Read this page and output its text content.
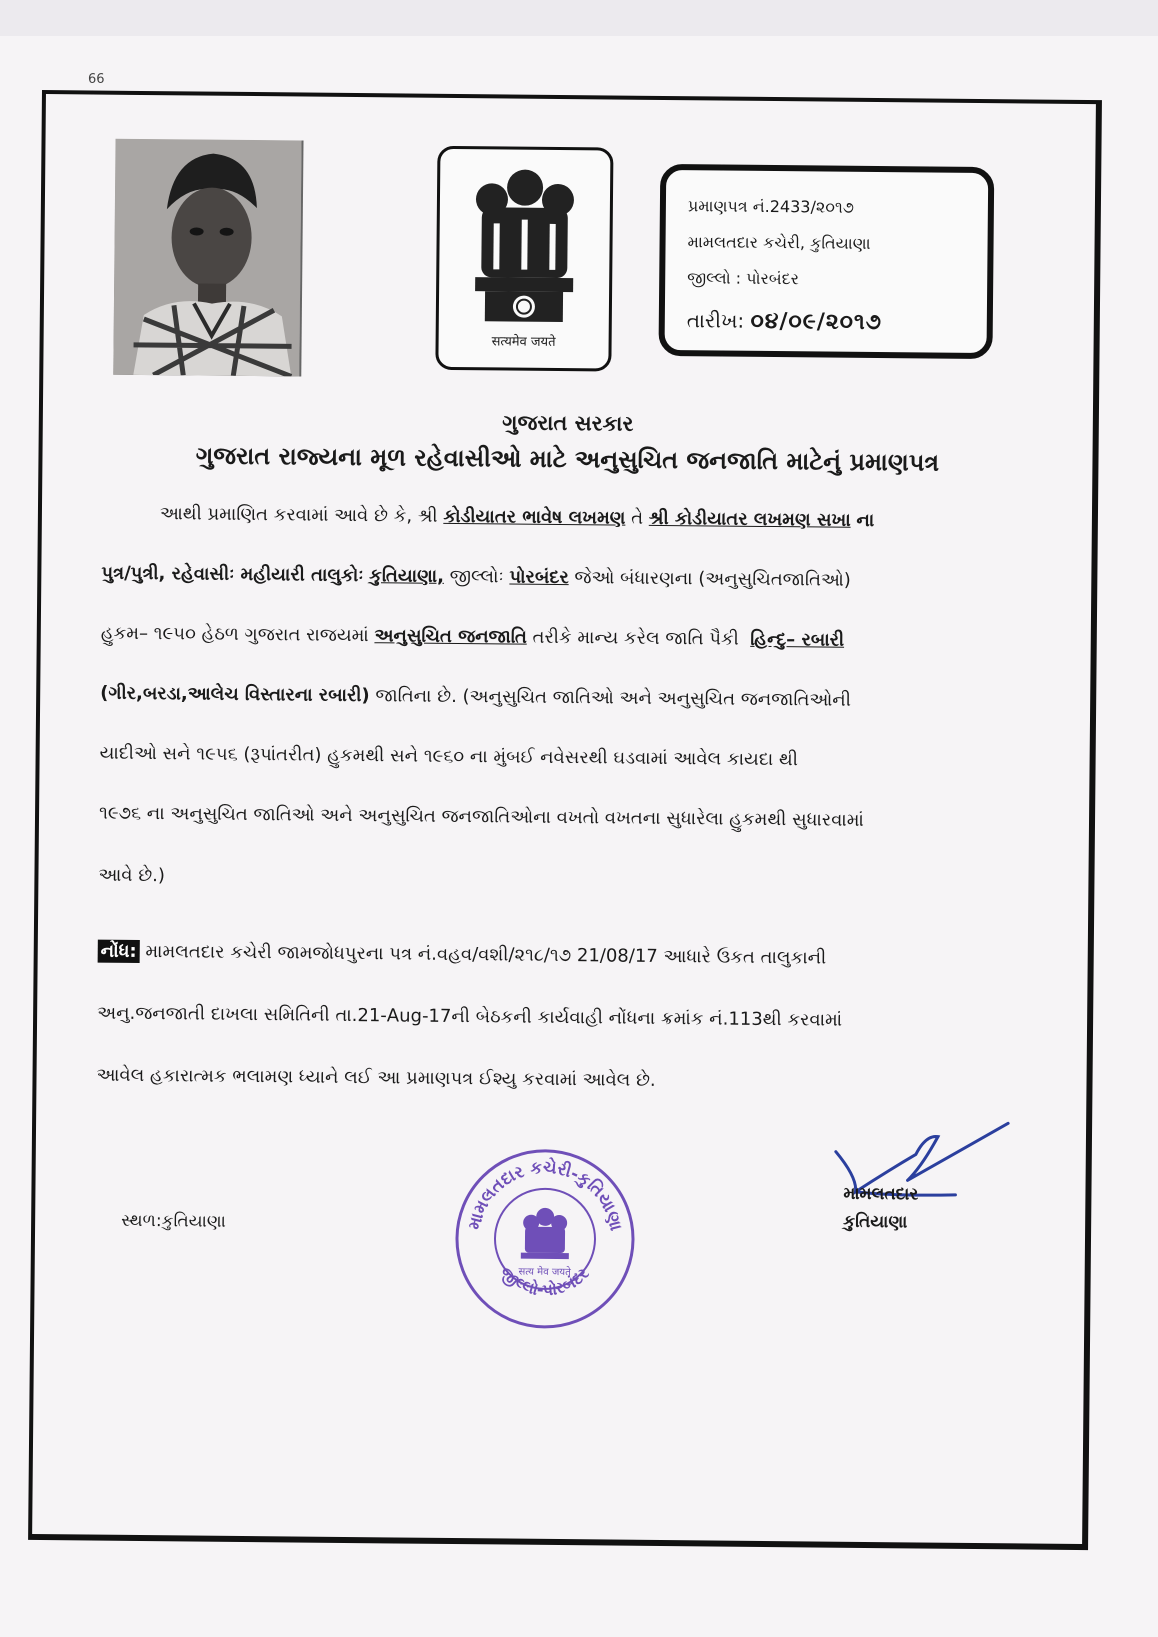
66
सत्यमेव जयते
પ્રમાણપત્ર નં.2433/૨૦૧૭
મામલતદાર કચેરી, કુતિયાણા
જીલ્લો : પોરબંદર
તારીખ: ૦૪/૦૯/૨૦૧૭
ગુજરાત સરકાર
ગુજરાત રાજ્યના મૂળ રહેવાસીઓ માટે અનુસુચિત જનજાતિ માટેનું પ્રમાણપત્ર
આથી પ્રમાણિત કરવામાં આવે છે કે, શ્રી કોડીયાતર ભાવેષ લખમણ તે શ્રી કોડીયાતર લખમણ સખા ના
પુત્ર/પુત્રી, રહેવાસીઃ મહીયારી તાલુકોઃ કુતિયાણા, જીલ્લોઃ પોરબંદર જેઓ બંધારણના (અનુસુચિતજાતિઓ)
હુકમ– ૧૯૫૦ હેઠળ ગુજરાત રાજયમાં અનુસુચિત જનજાતિ તરીકે માન્ય કરેલ જાતિ પૈકી હિન્દુ– રબારી
(ગીર,બરડા,આલેચ વિસ્તારના રબારી) જાતિના છે. (અનુસુચિત જાતિઓ અને અનુસુચિત જનજાતિઓની
યાદીઓ સને ૧૯૫૬ (રૂપાંતરીત) હુકમથી સને ૧૯૬૦ ના મુંબઈ નવેસરથી ઘડવામાં આવેલ કાયદા થી
૧૯૭૬ ના અનુસુચિત જાતિઓ અને અનુસુચિત જનજાતિઓના વખતો વખતના સુધારેલા હુકમથી સુધારવામાં
આવે છે.)
નોંધ: મામલતદાર કચેરી જામજોધપુરના પત્ર નં.વહવ/વશી/૨૧૮/૧૭ 21/08/17 આધારે ઉકત તાલુકાની
અનુ.જનજાતી દાખલા સમિતિની તા.21-Aug-17ની બેઠકની કાર્યવાહી નોંધના ક્રમાંક નં.113થી કરવામાં
આવેલ હકારાત્મક ભલામણ ધ્યાને લઈ આ પ્રમાણપત્ર ઈશ્યુ કરવામાં આવેલ છે.
સ્થળ:કુતિયાણા	મામલતદાર કચેરી-કુતિયાણા
જીલ્લો-પોરબંદર
सत्य मेव जयते
મામલતદાર
કુતિયાણા
